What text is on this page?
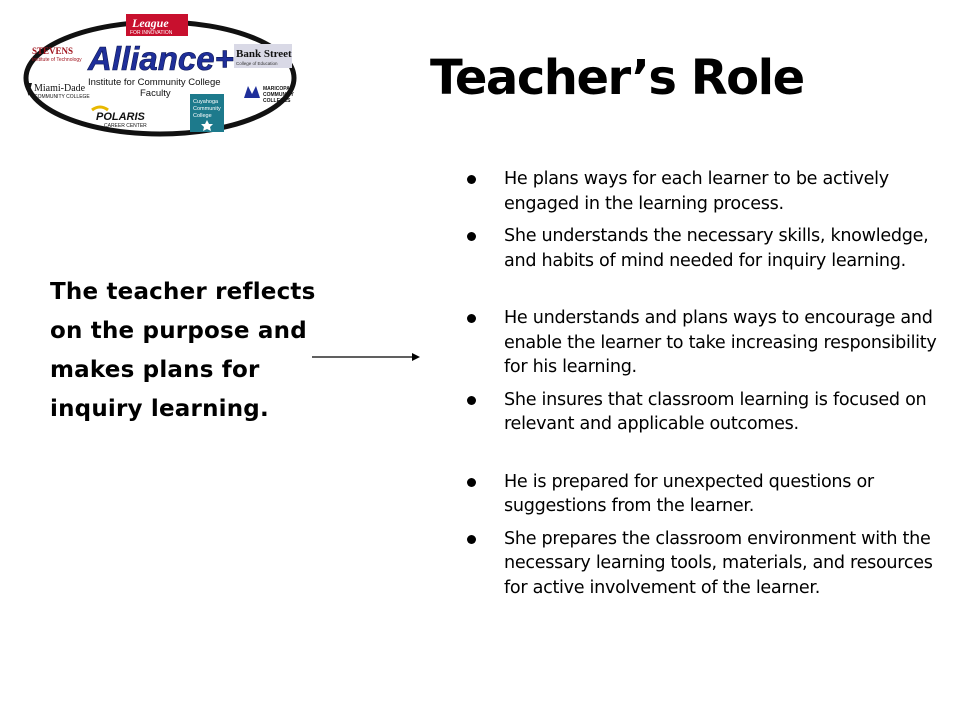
League
FOR INNOVATION
STEVENS
Institute of Technology Alliance+
Institute for Community College
Faculty
Bank Street
College of Education
Miami-Dade
COMMUNITY COLLEGE
MARICOPA
COMMUNITY
COLLEGES
POLARIS
CAREER CENTER
Cuyahoga
Community
College
Teacher’s Role

The teacher reflects on the purpose and makes plans for inquiry learning.

He plans ways for each learner to be actively engaged in the learning process.
She understands the necessary skills, knowledge, and habits of mind needed for inquiry learning.
He understands and plans ways to encourage and enable the learner to take increasing responsibility for his learning.
She insures that classroom learning is focused on relevant and applicable outcomes.
He is prepared for unexpected questions or suggestions from the learner.
She prepares the classroom environment with the necessary learning tools, materials, and resources for active involvement of the learner.
